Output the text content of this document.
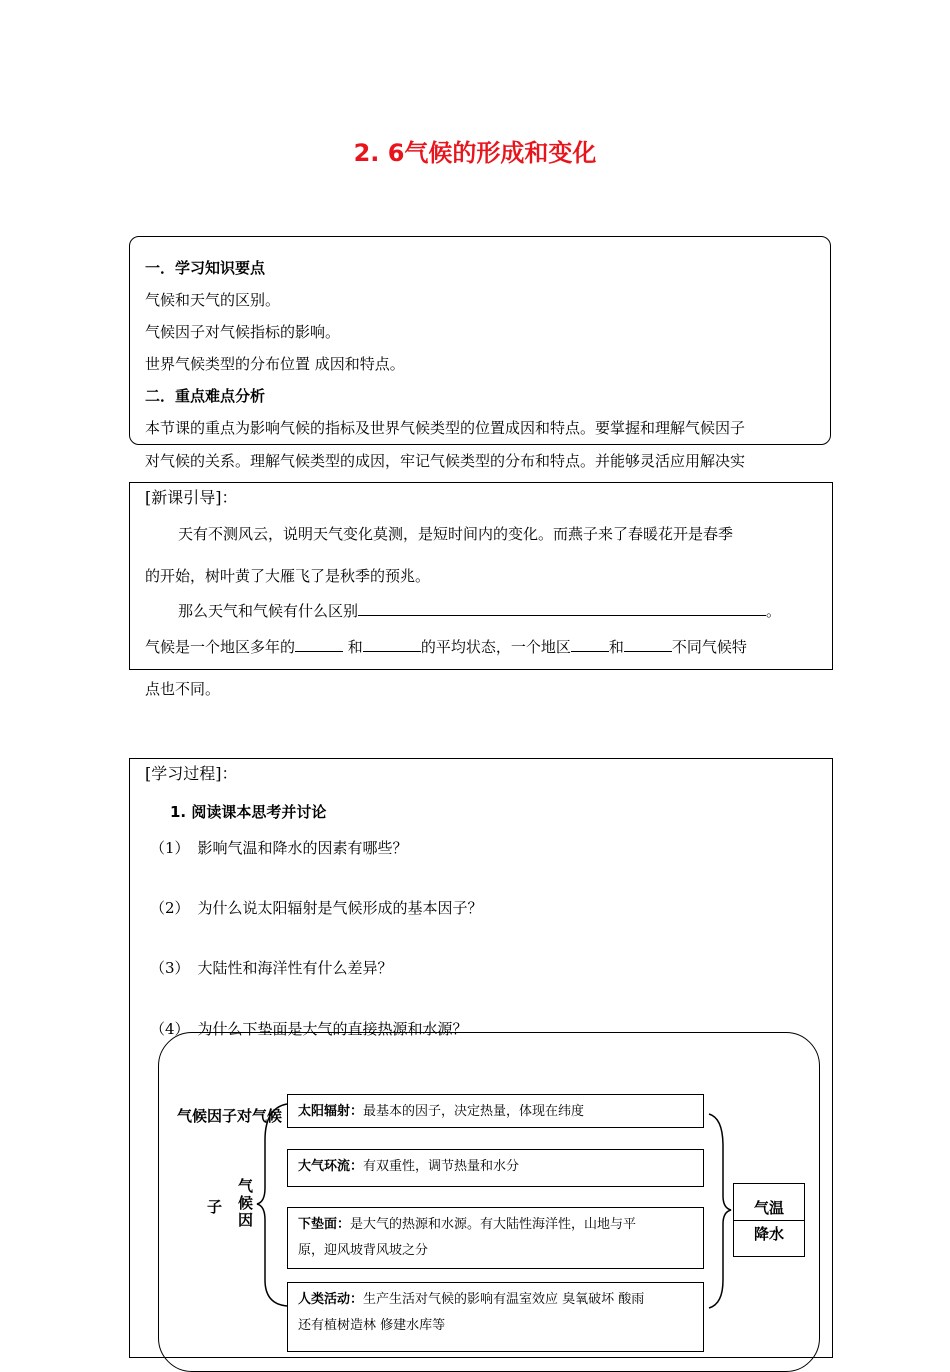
2. 6气候的形成和变化
一．学习知识要点
气候和天气的区别。
气候因子对气候指标的影响。
世界气候类型的分布位置 成因和特点。
二．重点难点分析
本节课的重点为影响气候的指标及世界气候类型的位置成因和特点。要掌握和理解气候因子
对气候的关系。理解气候类型的成因，牢记气候类型的分布和特点。并能够灵活应用解决实
[新课引导]：
天有不测风云，说明天气变化莫测，是短时间内的变化。而燕子来了春暖花开是春季
的开始，树叶黄了大雁飞了是秋季的预兆。
那么天气和气候有什么区别	。
气候是一个地区多年的	和	的平均状态，一个地区	和	不同气候特
点也不同。
[学习过程]：
1. 阅读课本思考并讨论
（1） 影响气温和降水的因素有哪些？
（2） 为什么说太阳辐射是气候形成的基本因子？
（3） 大陆性和海洋性有什么差异？
（4） 为什么下垫面是大气的直接热源和水源？
气候因子对气候
气候因
子
太阳辐射：最基本的因子，决定热量，体现在纬度
大气环流：有双重性，调节热量和水分
下垫面：是大气的热源和水源。有大陆性海洋性，山地与平
原，迎风坡背风坡之分
人类活动：生产生活对气候的影响有温室效应 臭氧破坏 酸雨
还有植树造林 修建水库等
气温
降水
